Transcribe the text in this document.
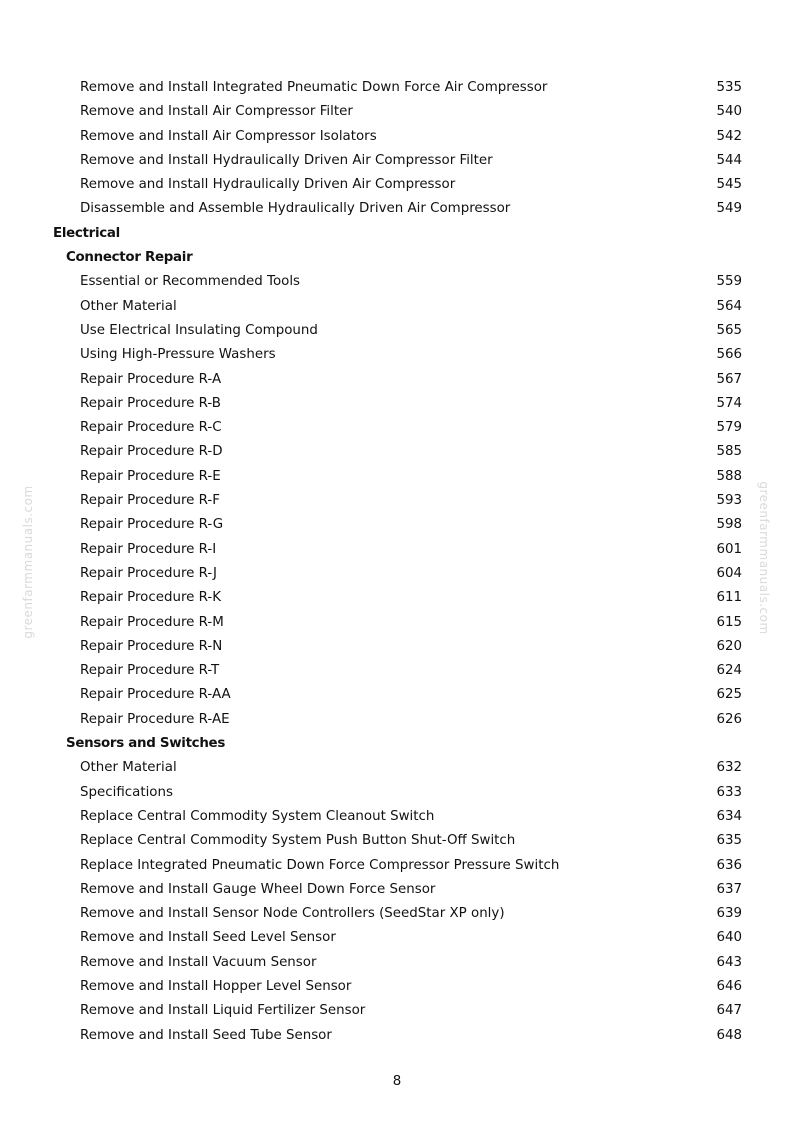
Remove and Install Integrated Pneumatic Down Force Air Compressor	535
Remove and Install Air Compressor Filter	540
Remove and Install Air Compressor Isolators	542
Remove and Install Hydraulically Driven Air Compressor Filter	544
Remove and Install Hydraulically Driven Air Compressor	545
Disassemble and Assemble Hydraulically Driven Air Compressor	549
Electrical
Connector Repair
Essential or Recommended Tools	559
Other Material	564
Use Electrical Insulating Compound	565
Using High-Pressure Washers	566
Repair Procedure R-A	567
Repair Procedure R-B	574
Repair Procedure R-C	579
Repair Procedure R-D	585
Repair Procedure R-E	588
Repair Procedure R-F	593
Repair Procedure R-G	598
Repair Procedure R-I	601
Repair Procedure R-J	604
Repair Procedure R-K	611
Repair Procedure R-M	615
Repair Procedure R-N	620
Repair Procedure R-T	624
Repair Procedure R-AA	625
Repair Procedure R-AE	626
Sensors and Switches
Other Material	632
Specifications	633
Replace Central Commodity System Cleanout Switch	634
Replace Central Commodity System Push Button Shut-Off Switch	635
Replace Integrated Pneumatic Down Force Compressor Pressure Switch	636
Remove and Install Gauge Wheel Down Force Sensor	637
Remove and Install Sensor Node Controllers (SeedStar XP only)	639
Remove and Install Seed Level Sensor	640
Remove and Install Vacuum Sensor	643
Remove and Install Hopper Level Sensor	646
Remove and Install Liquid Fertilizer Sensor	647
Remove and Install Seed Tube Sensor	648
8
greenfarmmanuals.com	greenfarmmanuals.com
